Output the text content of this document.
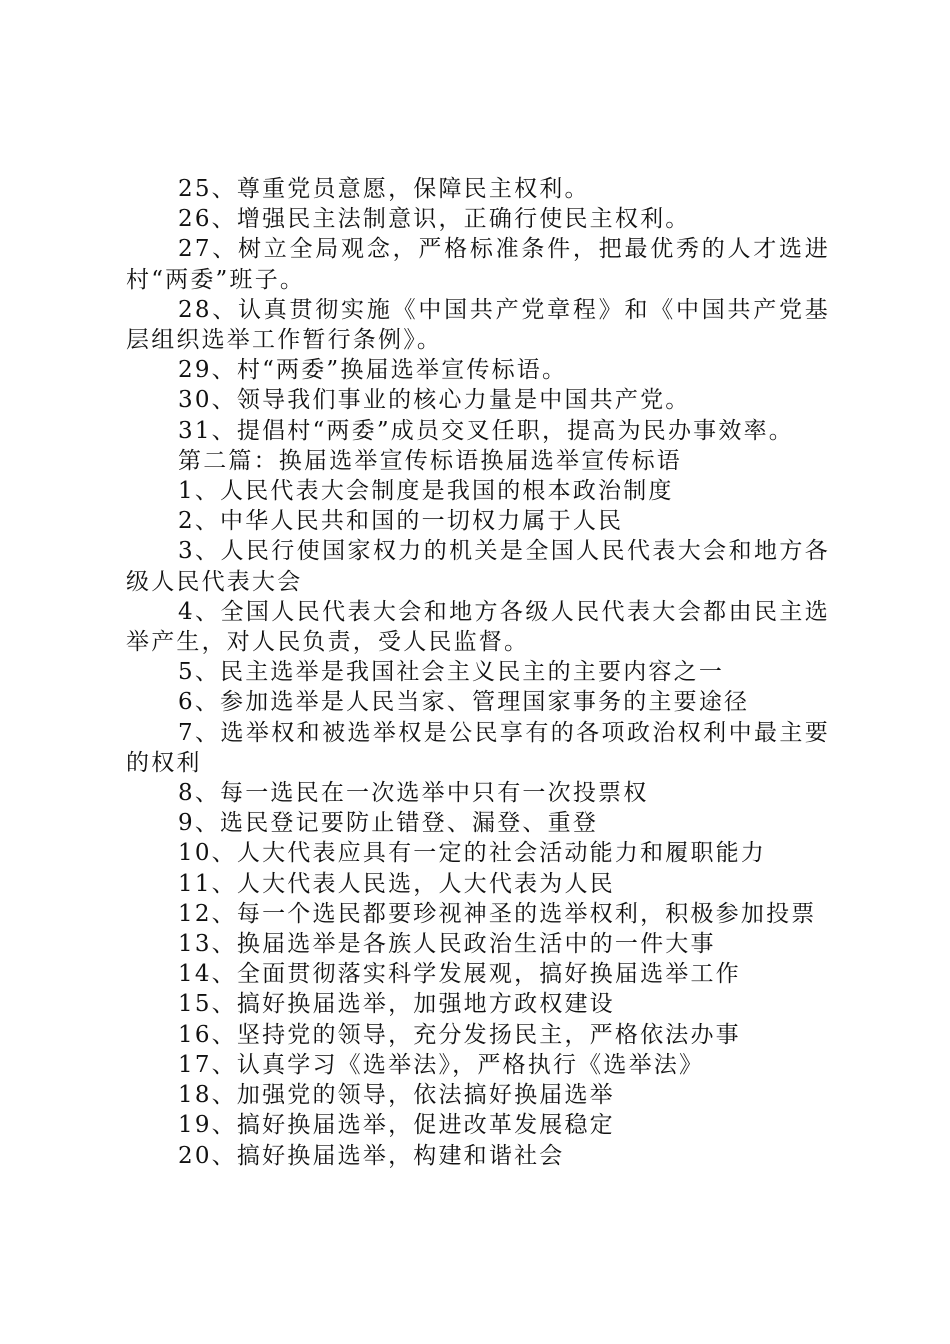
25、尊重党员意愿，保障民主权利。

26、增强民主法制意识，正确行使民主权利。

27、树立全局观念，严格标准条件，把最优秀的人才选进村“两委”班子。

28、认真贯彻实施《中国共产党章程》和《中国共产党基层组织选举工作暂行条例》。

29、村“两委”换届选举宣传标语。

30、领导我们事业的核心力量是中国共产党。

31、提倡村“两委”成员交叉任职，提高为民办事效率。

第二篇：换届选举宣传标语换届选举宣传标语

1、人民代表大会制度是我国的根本政治制度

2、中华人民共和国的一切权力属于人民

3、人民行使国家权力的机关是全国人民代表大会和地方各级人民代表大会

4、全国人民代表大会和地方各级人民代表大会都由民主选举产生，对人民负责，受人民监督。

5、民主选举是我国社会主义民主的主要内容之一

6、参加选举是人民当家、管理国家事务的主要途径

7、选举权和被选举权是公民享有的各项政治权利中最主要的权利

8、每一选民在一次选举中只有一次投票权

9、选民登记要防止错登、漏登、重登

10、人大代表应具有一定的社会活动能力和履职能力

11、人大代表人民选，人大代表为人民

12、每一个选民都要珍视神圣的选举权利，积极参加投票

13、换届选举是各族人民政治生活中的一件大事

14、全面贯彻落实科学发展观，搞好换届选举工作

15、搞好换届选举，加强地方政权建设

16、坚持党的领导，充分发扬民主，严格依法办事

17、认真学习《选举法》，严格执行《选举法》

18、加强党的领导，依法搞好换届选举

19、搞好换届选举，促进改革发展稳定

20、搞好换届选举，构建和谐社会
